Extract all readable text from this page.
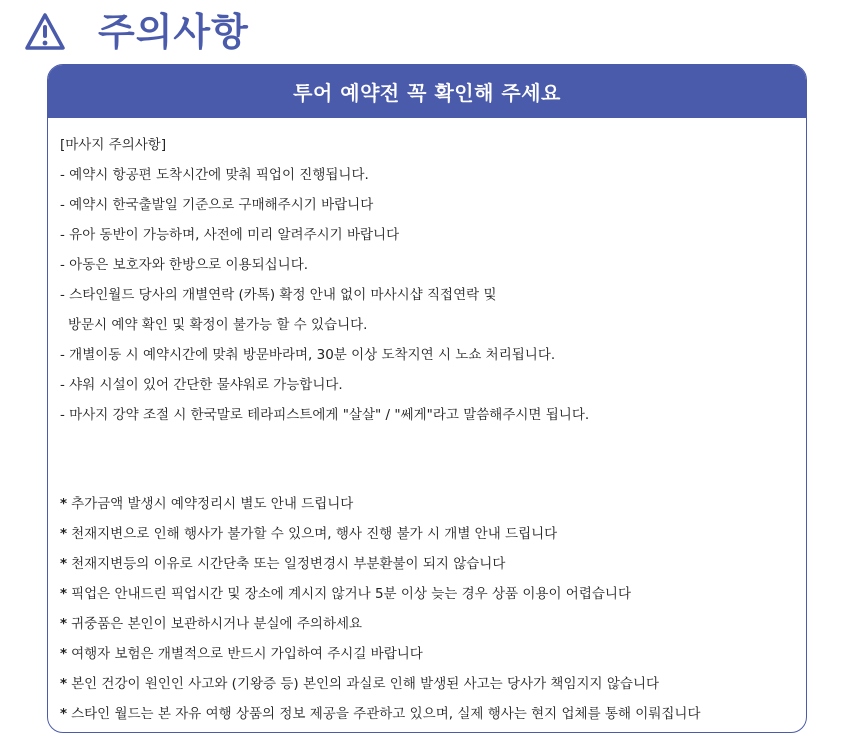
주의사항
투어 예약전 꼭 확인해 주세요
[마사지 주의사항]
- 예약시 항공편 도착시간에 맞춰 픽업이 진행됩니다.
- 예약시 한국출발일 기준으로 구매해주시기 바랍니다
- 유아 동반이 가능하며, 사전에 미리 알려주시기 바랍니다
- 아동은 보호자와 한방으로 이용되십니다.
- 스타인월드 당사의 개별연락 (카톡) 확정 안내 없이 마사시샵 직접연락 및
방문시 예약 확인 및 확정이 불가능 할 수 있습니다.
- 개별이동 시 예약시간에 맞춰 방문바라며, 30분 이상 도착지연 시 노쇼 처리됩니다.
- 샤워 시설이 있어 간단한 물샤워로 가능합니다.
- 마사지 강약 조절 시 한국말로 테라피스트에게 "살살" / "쎄게"라고 말씀해주시면 됩니다.
* 추가금액 발생시 예약정리시 별도 안내 드립니다
* 천재지변으로 인해 행사가 불가할 수 있으며, 행사 진행 불가 시 개별 안내 드립니다
* 천재지변등의 이유로 시간단축 또는 일정변경시 부분환불이 되지 않습니다
* 픽업은 안내드린 픽업시간 및 장소에 계시지 않거나 5분 이상 늦는 경우 상품 이용이 어렵습니다
* 귀중품은 본인이 보관하시거나 분실에 주의하세요
* 여행자 보험은 개별적으로 반드시 가입하여 주시길 바랍니다
* 본인 건강이 원인인 사고와 (기왕증 등) 본인의 과실로 인해 발생된 사고는 당사가 책임지지 않습니다
* 스타인 월드는 본 자유 여행 상품의 정보 제공을 주관하고 있으며, 실제 행사는 현지 업체를 통해 이뤄집니다
